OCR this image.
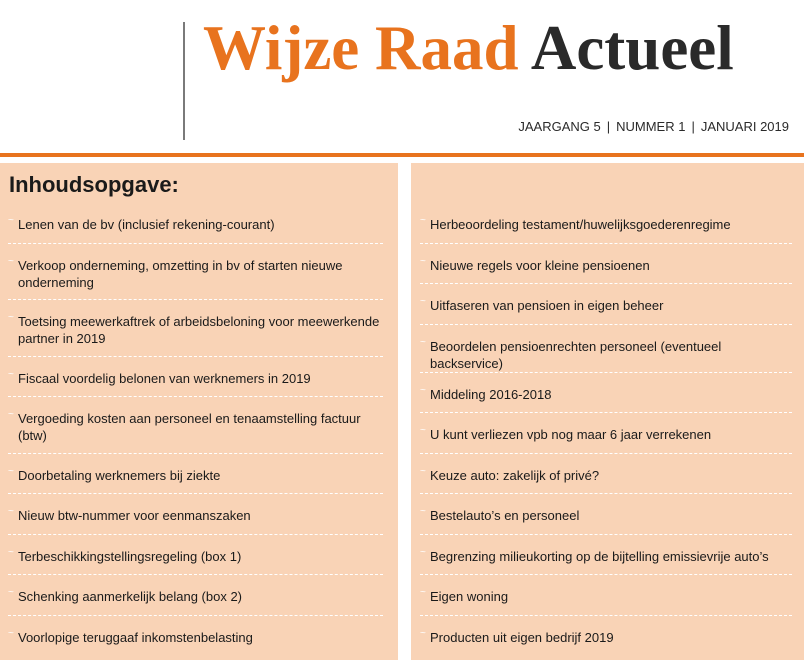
Wijze Raad Actueel
JAARGANG 5 | NUMMER 1 | JANUARI 2019
Inhoudsopgave:
~ Lenen van de bv (inclusief rekening-courant)
~ Verkoop onderneming, omzetting in bv of starten nieuwe onderneming
~ Toetsing meewerkaftrek of arbeidsbeloning voor meewerkende partner in 2019
~ Fiscaal voordelig belonen van werknemers in 2019
~ Vergoeding kosten aan personeel en tenaamstelling factuur (btw)
~ Doorbetaling werknemers bij ziekte
~ Nieuw btw-nummer voor eenmanszaken
~ Terbeschikkingstellingsregeling (box 1)
~ Schenking aanmerkelijk belang (box 2)
~ Voorlopige teruggaaf inkomstenbelasting
~ Herbeoordeling testament/huwelijksgoederenregime
~ Nieuwe regels voor kleine pensioenen
~ Uitfaseren van pensioen in eigen beheer
~ Beoordelen pensioenrechten personeel (eventueel backservice)
~ Middeling 2016-2018
~ U kunt verliezen vpb nog maar 6 jaar verrekenen
~ Keuze auto: zakelijk of privé?
~ Bestelauto’s en personeel
~ Begrenzing milieukorting op de bijtelling emissievrije auto’s
~ Eigen woning
~ Producten uit eigen bedrijf 2019
